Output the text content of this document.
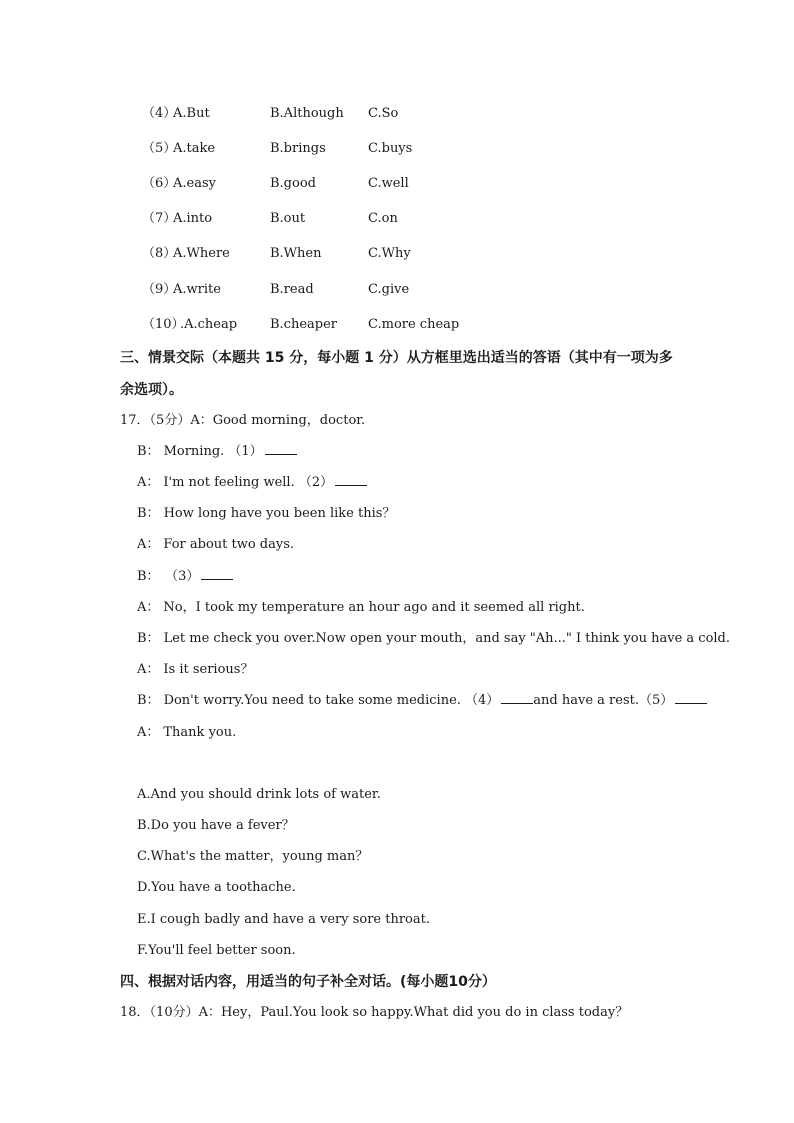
（4）
A.But	B.Although C.So
（5）
A.take	B.brings	C.buys
（6）
A.easy	B.good	C.well
（7）
A.into	B.out	C.on
（8）
A.Where	B.When	C.Why
（9）
A.write	B.read	C.give
（10）
.A.cheap	B.cheaper C.more cheap
三、情景交际（本题共 15 分，每小题 1 分）从方框里选出适当的答语（其中有一项为多余选项）。
17．（5分）A：Good morning，doctor.
B： Morning. （1）
A： I'm not feeling well. （2）
B： How long have you been like this？
A： For about two days.
B： （3）
A： No，I took my temperature an hour ago and it seemed all right.
B： Let me check you over.Now open your mouth，and say "Ah..." I think you have a cold.
A： Is it serious？
B： Don't worry.You need to take some medicine. （4）	and have a rest.（5）
A： Thank you.
A.And you should drink lots of water.
B.Do you have a fever？
C.What's the matter，young man？
D.You have a toothache.
E.I cough badly and have a very sore throat.
F.You'll feel better soon.
四、根据对话内容，用适当的句子补全对话。(每小题10分）
18．（10分）A：Hey，Paul.You look so happy.What did you do in class today？
